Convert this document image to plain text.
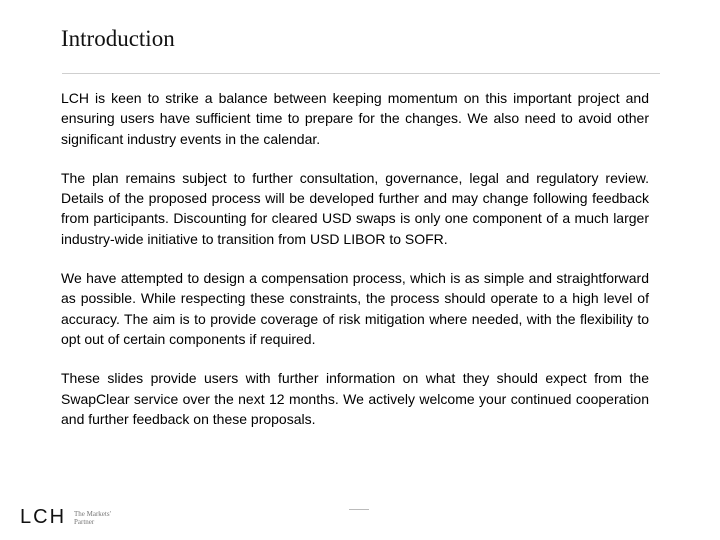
Introduction

LCH is keen to strike a balance between keeping momentum on this important project and ensuring users have sufficient time to prepare for the changes. We also need to avoid other significant industry events in the calendar.

The plan remains subject to further consultation, governance, legal and regulatory review. Details of the proposed process will be developed further and may change following feedback from participants. Discounting for cleared USD swaps is only one component of a much larger industry-wide initiative to transition from USD LIBOR to SOFR.

We have attempted to design a compensation process, which is as simple and straightforward as possible. While respecting these constraints, the process should operate to a high level of accuracy. The aim is to provide coverage of risk mitigation where needed, with the flexibility to opt out of certain components if required.

These slides provide users with further information on what they should expect from the SwapClear service over the next 12 months. We actively welcome your continued cooperation and further feedback on these proposals.

LCH The Markets' Partner
